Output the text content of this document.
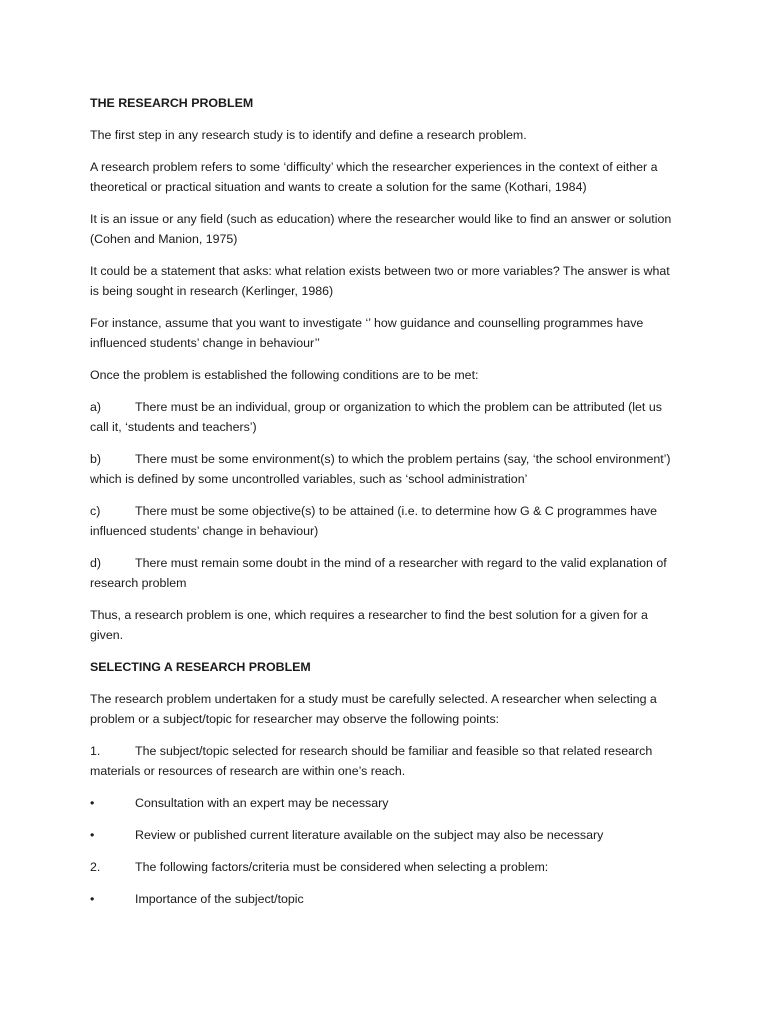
THE RESEARCH PROBLEM
The first step in any research study is to identify and define a research problem.
A research problem refers to some ‘difficulty’ which the researcher experiences in the context of either a theoretical or practical situation and wants to create a solution for the same (Kothari, 1984)
It is an issue or any field (such as education) where the researcher would like to find an answer or solution (Cohen and Manion, 1975)
It could be a statement that asks: what relation exists between two or more variables? The answer is what is being sought in research (Kerlinger, 1986)
For instance, assume that you want to investigate ‘’ how guidance and counselling programmes have influenced students’ change in behaviour’’
Once the problem is established the following conditions are to be met:
a)	There must be an individual, group or organization to which the problem can be attributed (let us call it, ‘students and teachers’)
b)	There must be some environment(s) to which the problem pertains (say, ‘the school environment’) which is defined by some uncontrolled variables, such as ‘school administration’
c)	There must be some objective(s) to be attained (i.e. to determine how G & C programmes have influenced students’ change in behaviour)
d)	There must remain some doubt in the mind of a researcher with regard to the valid explanation of research problem
Thus, a research problem is one, which requires a researcher to find the best solution for a given for a given.
SELECTING A RESEARCH PROBLEM
The research problem undertaken for a study must be carefully selected. A researcher when selecting a problem or a subject/topic for researcher may observe the following points:
1.	The subject/topic selected for research should be familiar and feasible so that related research materials or resources of research are within one’s reach.
•	Consultation with an expert may be necessary
•	Review or published current literature available on the subject may also be necessary
2.	The following factors/criteria must be considered when selecting a problem:
•	Importance of the subject/topic
